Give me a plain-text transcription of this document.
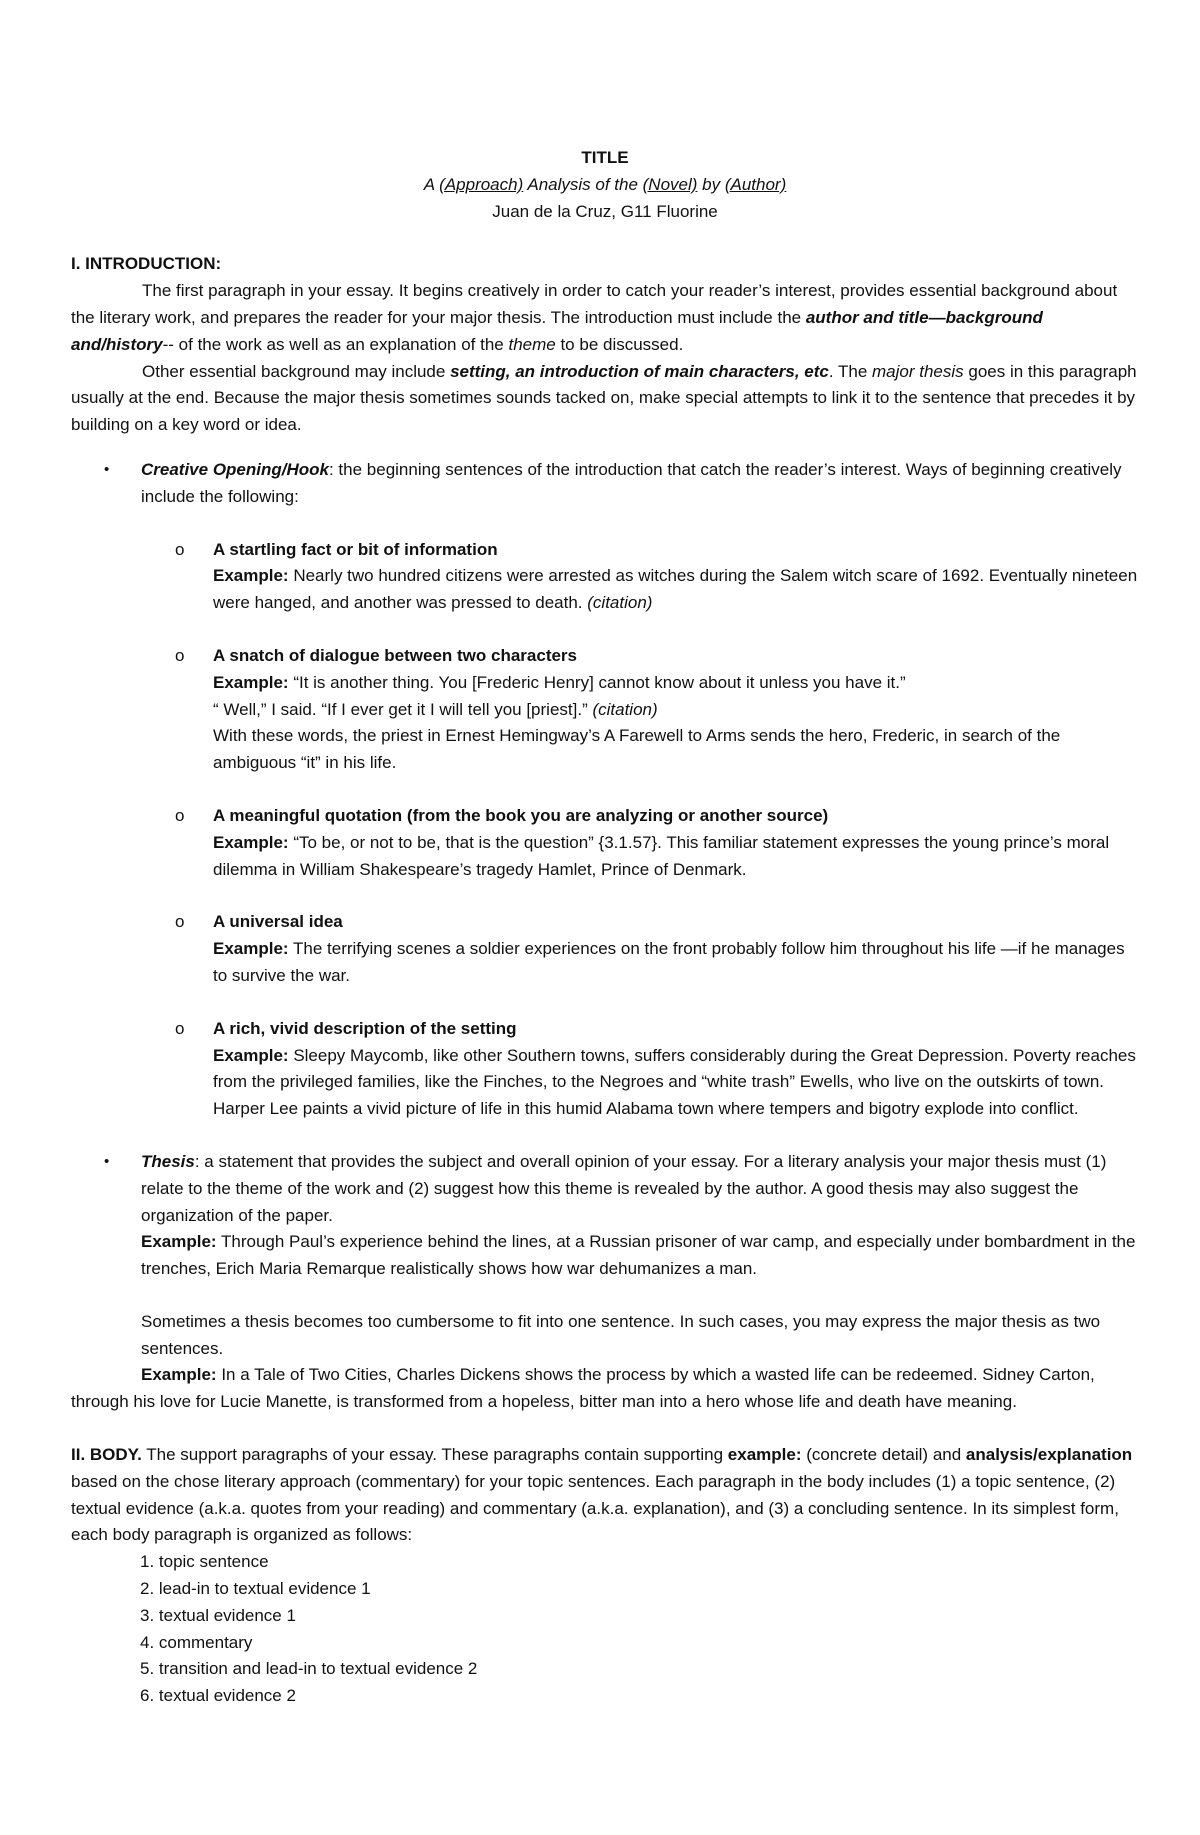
TITLE

A (Approach) Analysis of the (Novel) by (Author)

Juan de la Cruz, G11 Fluorine

I. INTRODUCTION:

The first paragraph in your essay. It begins creatively in order to catch your reader’s interest, provides essential background about the literary work, and prepares the reader for your major thesis. The introduction must include the author and title—background and/history-- of the work as well as an explanation of the theme to be discussed.

Other essential background may include setting, an introduction of main characters, etc. The major thesis goes in this paragraph usually at the end. Because the major thesis sometimes sounds tacked on, make special attempts to link it to the sentence that precedes it by building on a key word or idea.

• Creative Opening/Hook: the beginning sentences of the introduction that catch the reader’s interest. Ways of beginning creatively include the following:

o A startling fact or bit of information

Example: Nearly two hundred citizens were arrested as witches during the Salem witch scare of 1692. Eventually nineteen were hanged, and another was pressed to death. (citation)

o A snatch of dialogue between two characters

Example: “It is another thing. You [Frederic Henry] cannot know about it unless you have it.”

“ Well,” I said. “If I ever get it I will tell you [priest].” (citation)

With these words, the priest in Ernest Hemingway’s A Farewell to Arms sends the hero, Frederic, in search of the ambiguous “it” in his life.

o A meaningful quotation (from the book you are analyzing or another source)

Example: “To be, or not to be, that is the question” {3.1.57}. This familiar statement expresses the young prince’s moral dilemma in William Shakespeare’s tragedy Hamlet, Prince of Denmark.

o A universal idea

Example: The terrifying scenes a soldier experiences on the front probably follow him throughout his life —if he manages to survive the war.

o A rich, vivid description of the setting

Example: Sleepy Maycomb, like other Southern towns, suffers considerably during the Great Depression. Poverty reaches from the privileged families, like the Finches, to the Negroes and “white trash” Ewells, who live on the outskirts of town. Harper Lee paints a vivid picture of life in this humid Alabama town where tempers and bigotry explode into conflict.

• Thesis: a statement that provides the subject and overall opinion of your essay. For a literary analysis your major thesis must (1) relate to the theme of the work and (2) suggest how this theme is revealed by the author. A good thesis may also suggest the organization of the paper.

Example: Through Paul’s experience behind the lines, at a Russian prisoner of war camp, and especially under bombardment in the trenches, Erich Maria Remarque realistically shows how war dehumanizes a man.

Sometimes a thesis becomes too cumbersome to fit into one sentence. In such cases, you may express the major thesis as two sentences.

Example: In a Tale of Two Cities, Charles Dickens shows the process by which a wasted life can be redeemed. Sidney Carton, through his love for Lucie Manette, is transformed from a hopeless, bitter man into a hero whose life and death have meaning.

II. BODY. The support paragraphs of your essay. These paragraphs contain supporting example: (concrete detail) and analysis/explanation based on the chose literary approach (commentary) for your topic sentences. Each paragraph in the body includes (1) a topic sentence, (2) textual evidence (a.k.a. quotes from your reading) and commentary (a.k.a. explanation), and (3) a concluding sentence. In its simplest form, each body paragraph is organized as follows:

1. topic sentence

2. lead-in to textual evidence 1

3. textual evidence 1

4. commentary

5. transition and lead-in to textual evidence 2

6. textual evidence 2
